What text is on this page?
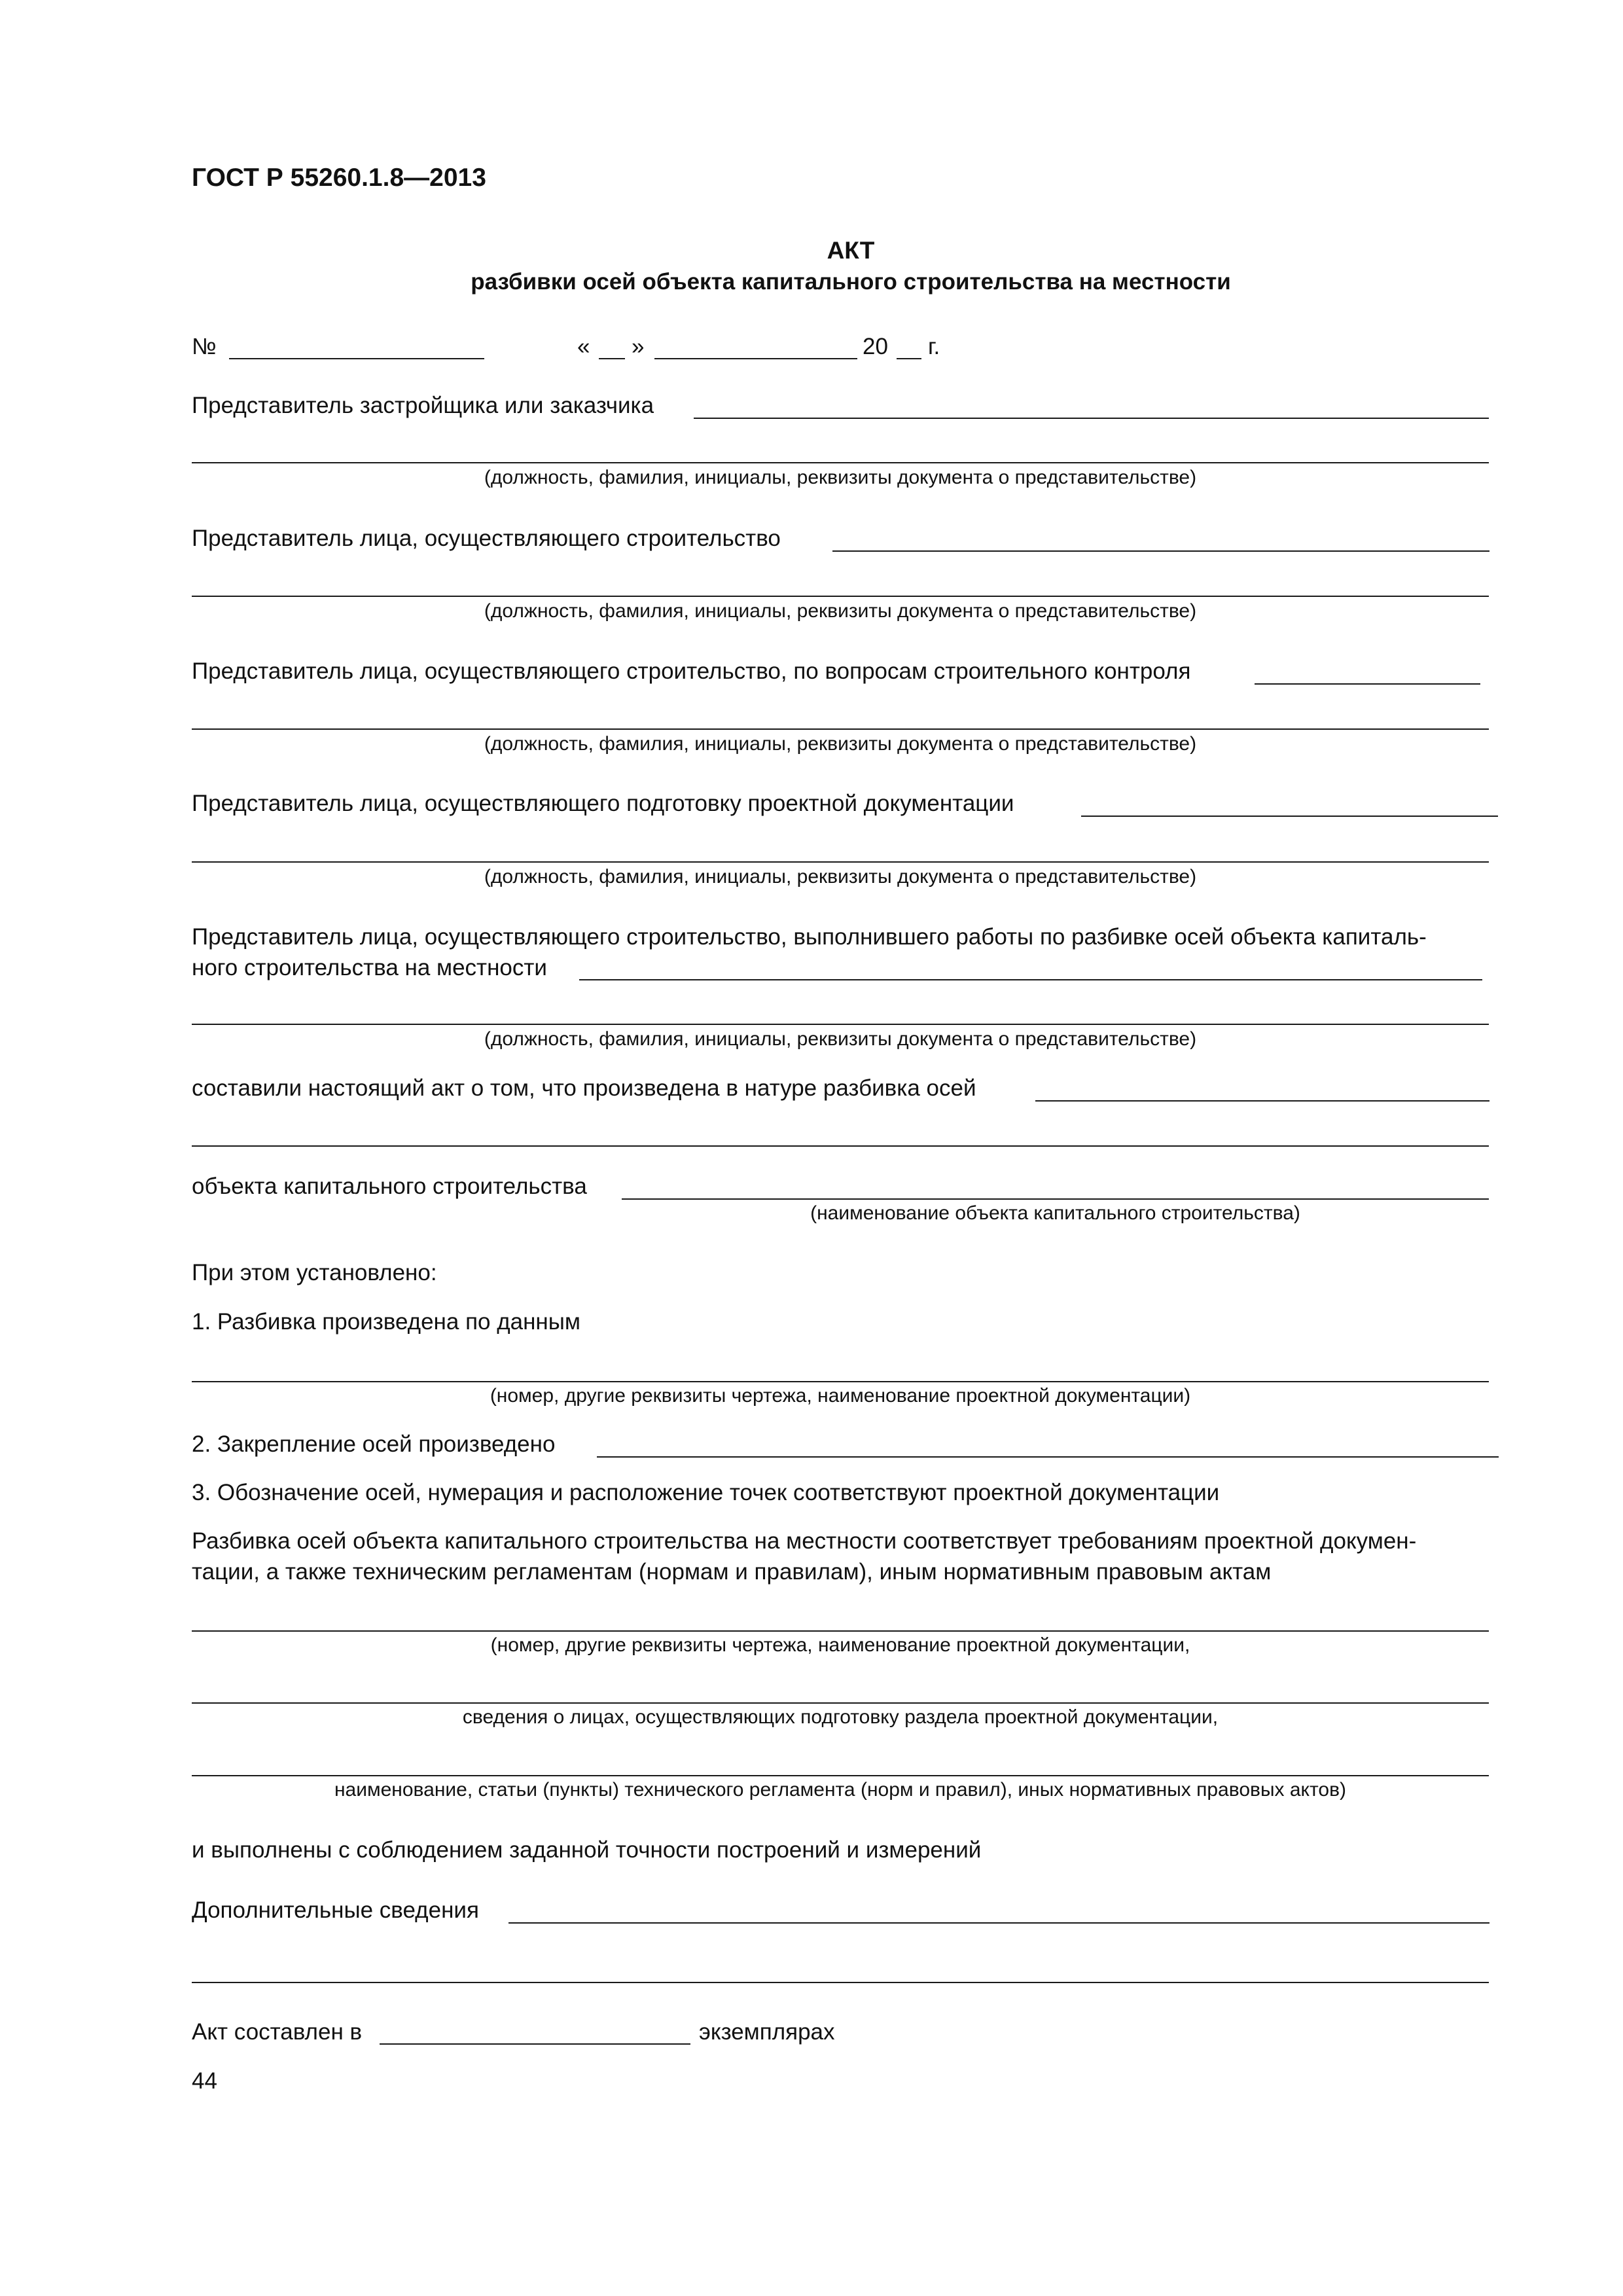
ГОСТ Р 55260.1.8—2013
АКТ
разбивки осей объекта капитального строительства на местности
№	« »	20 г.
Представитель застройщика или заказчика
(должность, фамилия, инициалы, реквизиты документа о представительстве)
Представитель лица, осуществляющего строительство
(должность, фамилия, инициалы, реквизиты документа о представительстве)
Представитель лица, осуществляющего строительство, по вопросам строительного контроля
(должность, фамилия, инициалы, реквизиты документа о представительстве)
Представитель лица, осуществляющего подготовку проектной документации
(должность, фамилия, инициалы, реквизиты документа о представительстве)
Представитель лица, осуществляющего строительство, выполнившего работы по разбивке осей объекта капиталь-
ного строительства на местности
(должность, фамилия, инициалы, реквизиты документа о представительстве)
составили настоящий акт о том, что произведена в натуре разбивка осей
объекта капитального строительства
(наименование объекта капитального строительства)
При этом установлено:
1. Разбивка произведена по данным
(номер, другие реквизиты чертежа, наименование проектной документации)
2. Закрепление осей произведено
3. Обозначение осей, нумерация и расположение точек соответствуют проектной документации
Разбивка осей объекта капитального строительства на местности соответствует требованиям проектной докумен-
тации, а также техническим регламентам (нормам и правилам), иным нормативным правовым актам
(номер, другие реквизиты чертежа, наименование проектной документации,
сведения о лицах, осуществляющих подготовку раздела проектной документации,
наименование, статьи (пункты) технического регламента (норм и правил), иных нормативных правовых актов)
и выполнены с соблюдением заданной точности построений и измерений
Дополнительные сведения
Акт составлен в	экземплярах
44
